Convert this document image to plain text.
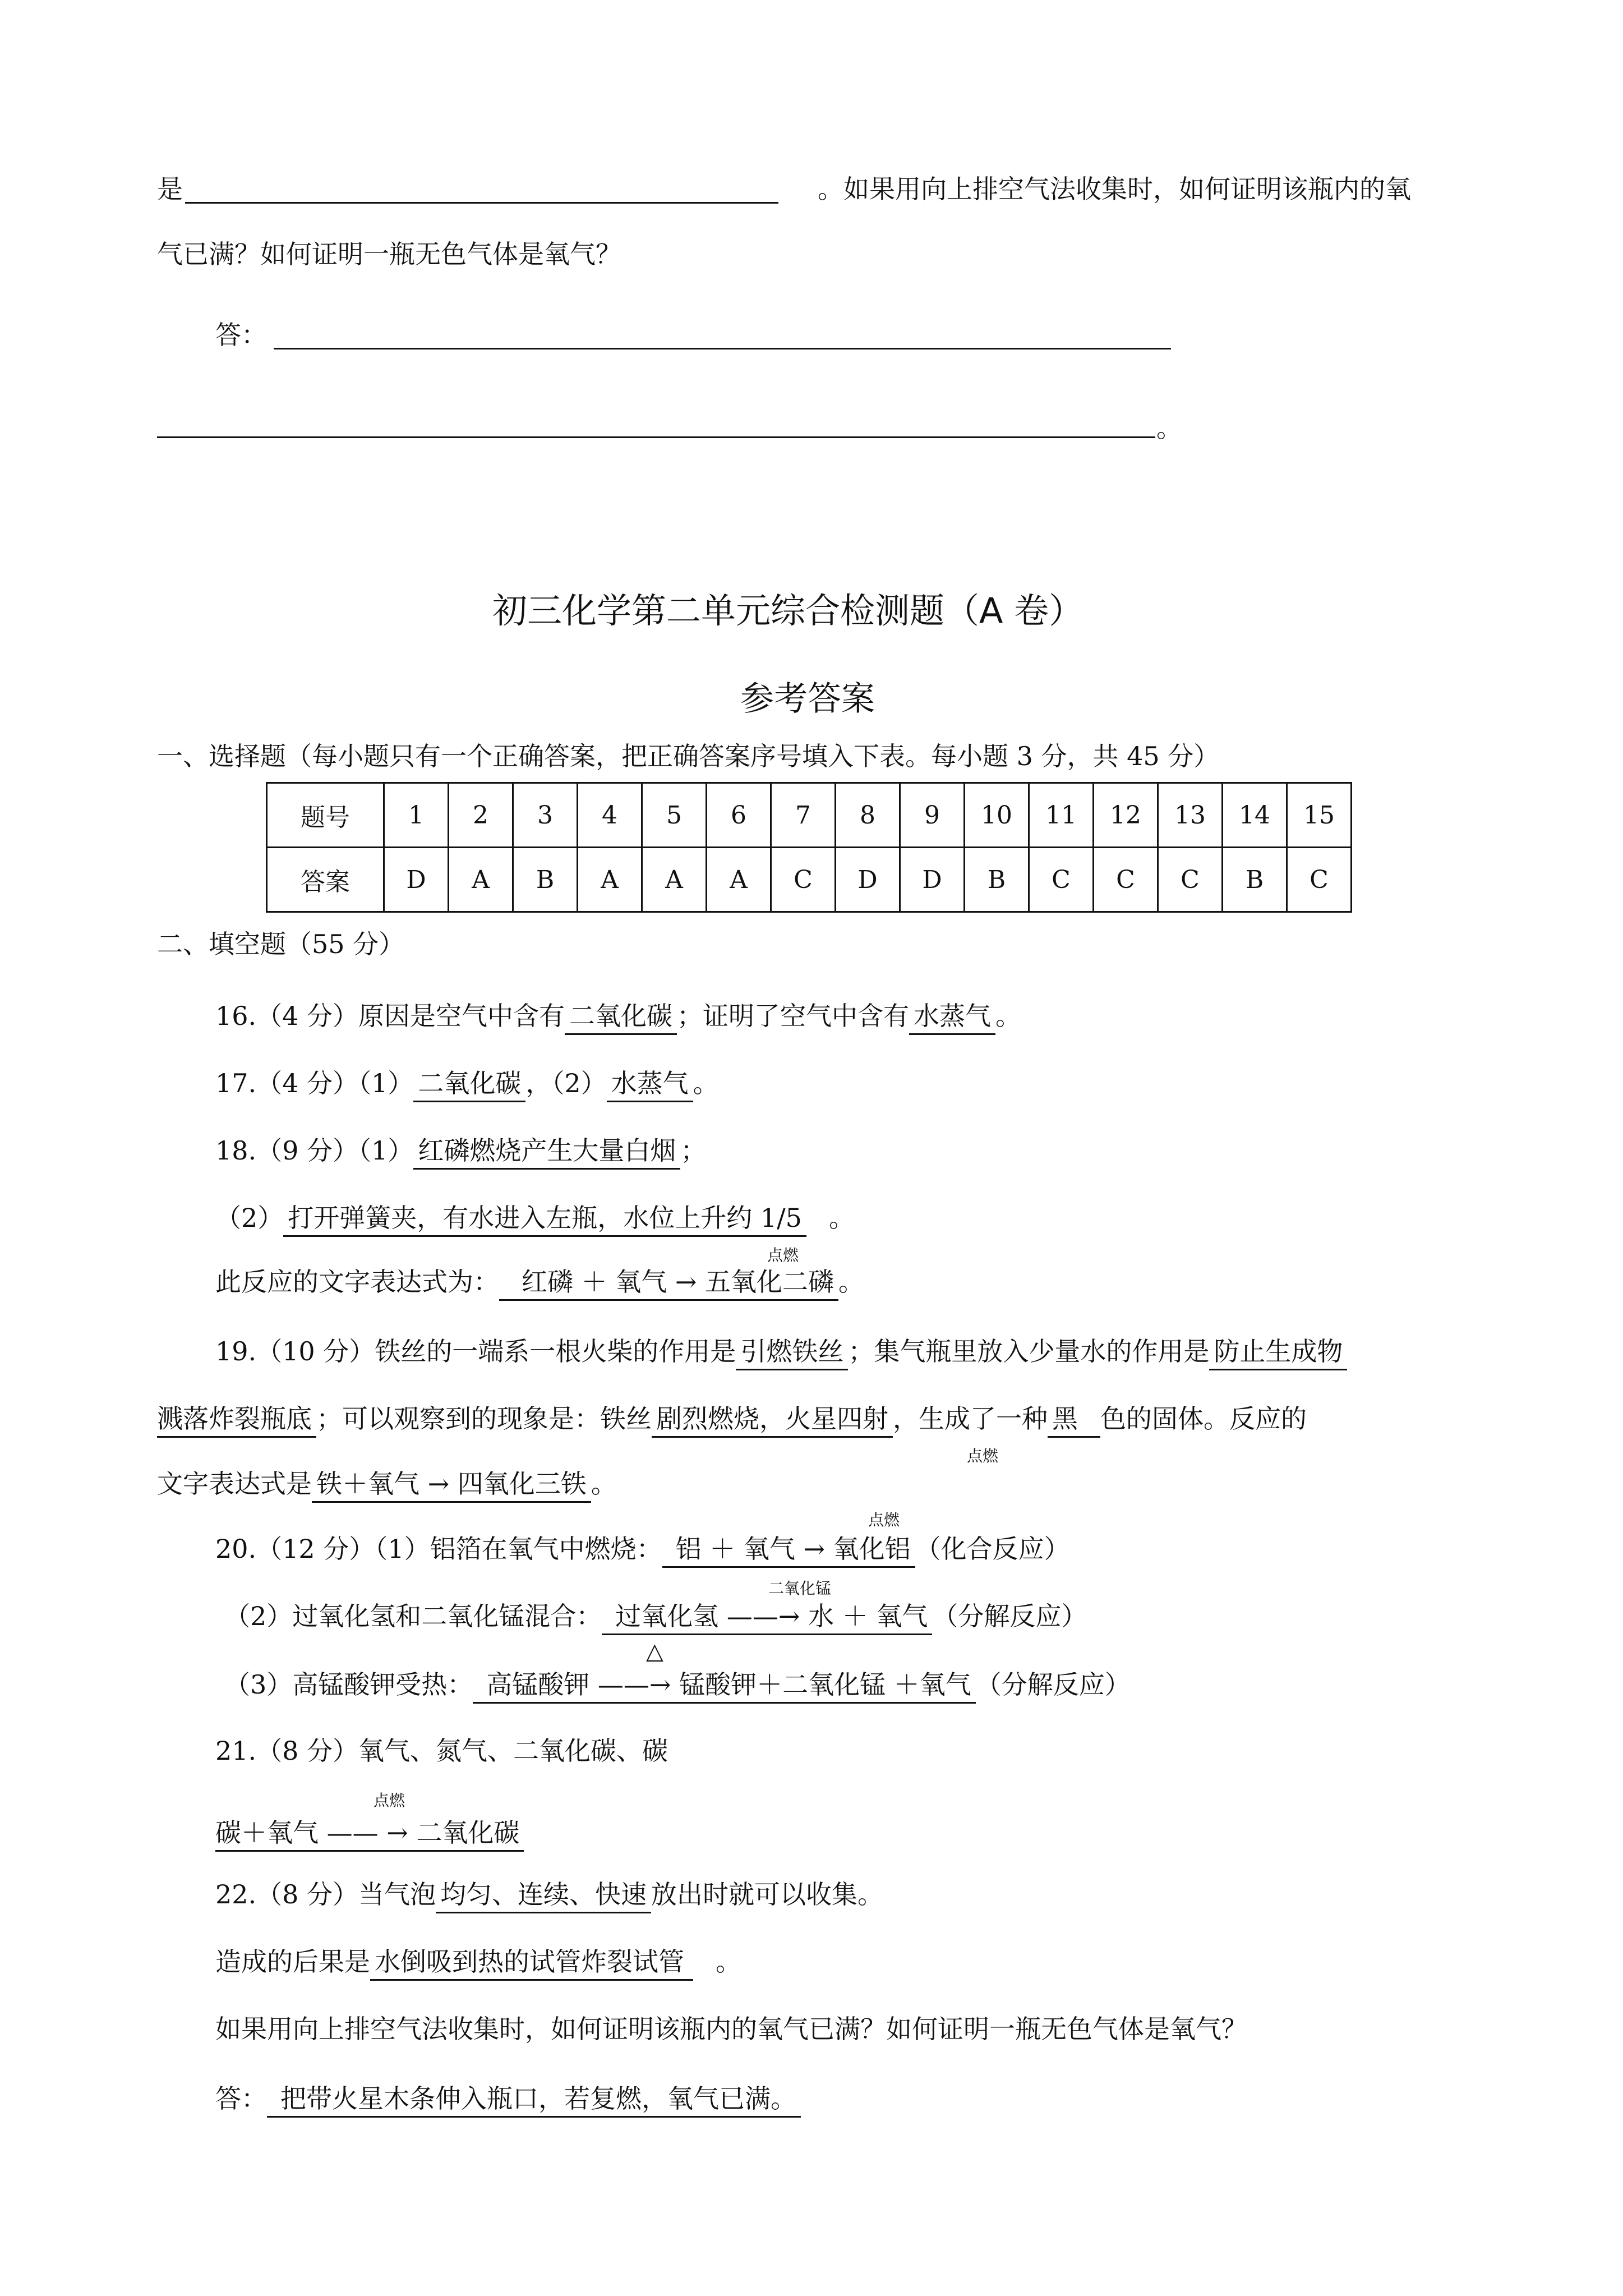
是	。如果用向上排空气法收集时，如何证明该瓶内的氧
气已满？如何证明一瓶无色气体是氧气？
答：
。
初三化学第二单元综合检测题（A 卷）
参考答案
一、选择题（每小题只有一个正确答案，把正确答案序号填入下表。每小题 3 分，共 45 分）
题号	1	2	3	4	5	6	7	8	9	10	11	12	13	14	15
答案	D	A	B	A	A	A	C	D	D	B	C	C	C	B	C
二、填空题（55 分）
16.（4 分）原因是空气中含有 二氧化碳 ；证明了空气中含有 水蒸气 。
17.（4 分）（1） 二氧化碳 ，（2） 水蒸气 。
18.（9 分）（1） 红磷燃烧产生大量白烟 ；
（2） 打开弹簧夹，有水进入左瓶，水位上升约 1/5 。
点燃
此反应的文字表达式为： 红磷 ＋ 氧气 → 五氧化二磷 。
19.（10 分）铁丝的一端系一根火柴的作用是 引燃铁丝 ；集气瓶里放入少量水的作用是 防止生成物
溅落炸裂瓶底 ；可以观察到的现象是：铁丝 剧烈燃烧，火星四射 ，生成了一种 黑 色的固体。反应的
点燃
文字表达式是 铁＋氧气 → 四氧化三铁 。
点燃
20.（12 分）（1）铝箔在氧气中燃烧： 铝 ＋ 氧气 → 氧化铝 （化合反应）
二氧化锰
（2）过氧化氢和二氧化锰混合： 过氧化氢 ——→ 水 ＋ 氧气 （分解反应）
△
（3）高锰酸钾受热： 高锰酸钾 ——→ 锰酸钾＋二氧化锰 ＋氧气 （分解反应）
21.（8 分）氧气、氮气、二氧化碳、碳
点燃
碳＋氧气 —— → 二氧化碳
22.（8 分）当气泡 均匀、连续、快速 放出时就可以收集。
造成的后果是 水倒吸到热的试管炸裂试管 。
如果用向上排空气法收集时，如何证明该瓶内的氧气已满？如何证明一瓶无色气体是氧气？
答： 把带火星木条伸入瓶口，若复燃，氧气已满。
